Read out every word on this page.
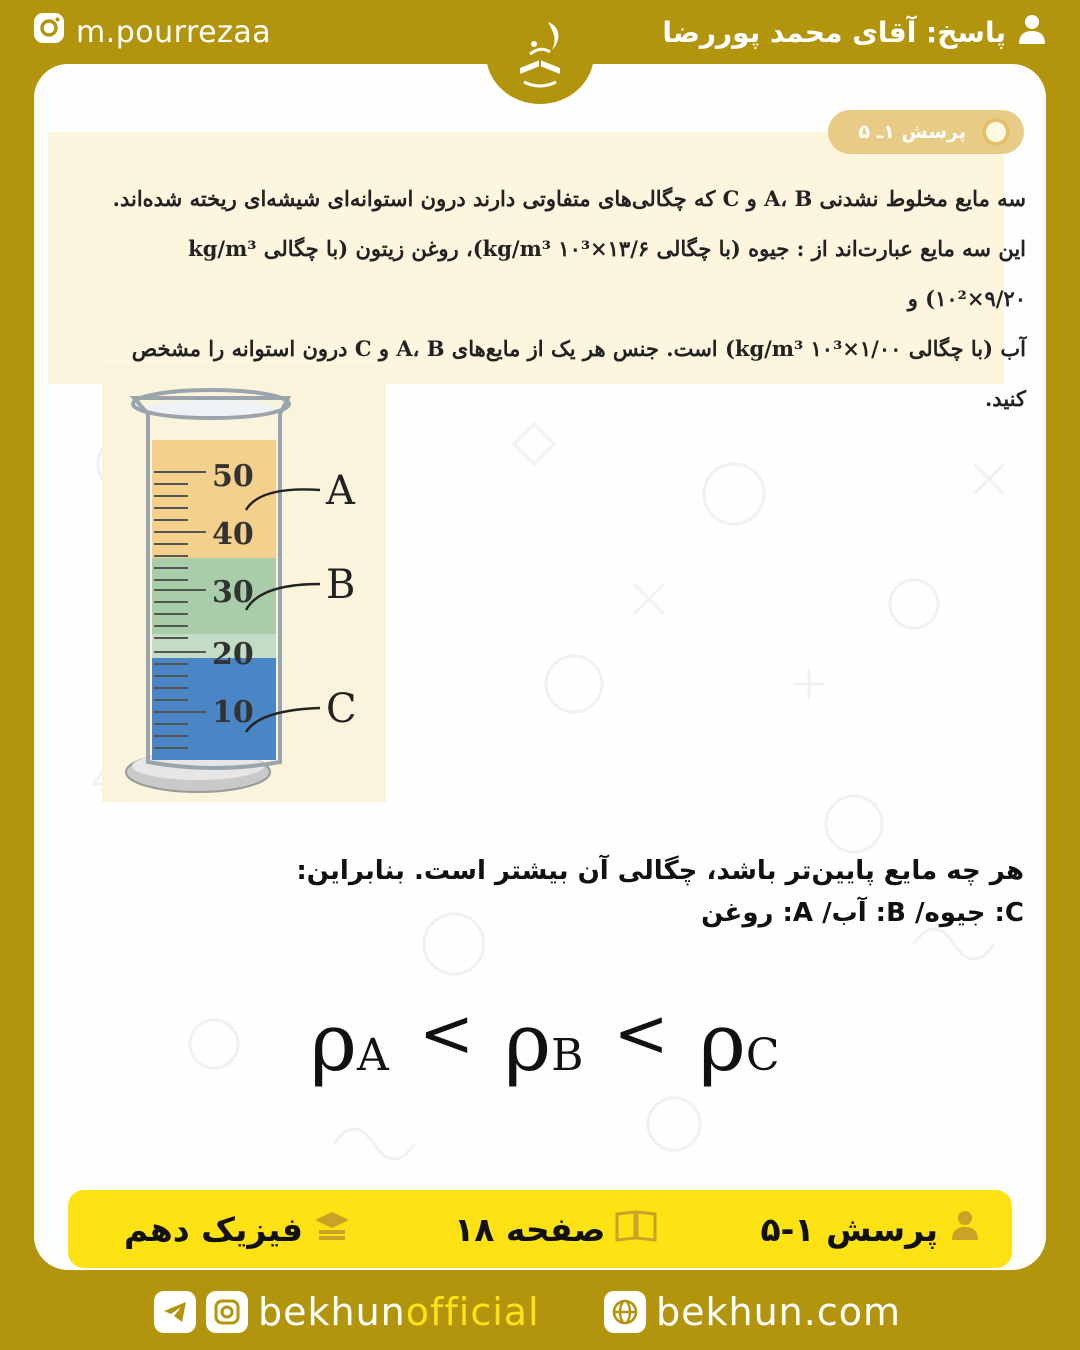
m.pourrezaa	پاسخ: آقای محمد پوررضا
پرسش ۱ـ ۵
سه مایع مخلوط نشدنی A، B و C که چگالی‌های متفاوتی دارند درون استوانه‌ای شیشه‌ای ریخته شده‌اند.
این سه مایع عبارت‌اند از : جیوه (با چگالی kg/m³ ۱۰³×۱۳/۶)، روغن زیتون (با چگالی kg/m³ ۱۰²×۹/۲۰) و
آب (با چگالی kg/m³ ۱۰³×۱/۰۰) است. جنس هر یک از مایع‌های A، B و C درون استوانه را مشخص کنید.
50
40
30
20
10
A
B
C
هر چه مایع پایین‌تر باشد، چگالی آن بیشتر است. بنابراین:
C: جیوه/ B: آب/ A: روغن
ρA < ρB < ρC
پرسش ۱-۵
صفحه ۱۸
فیزیک دهم
bekhunofficial	bekhun.com
